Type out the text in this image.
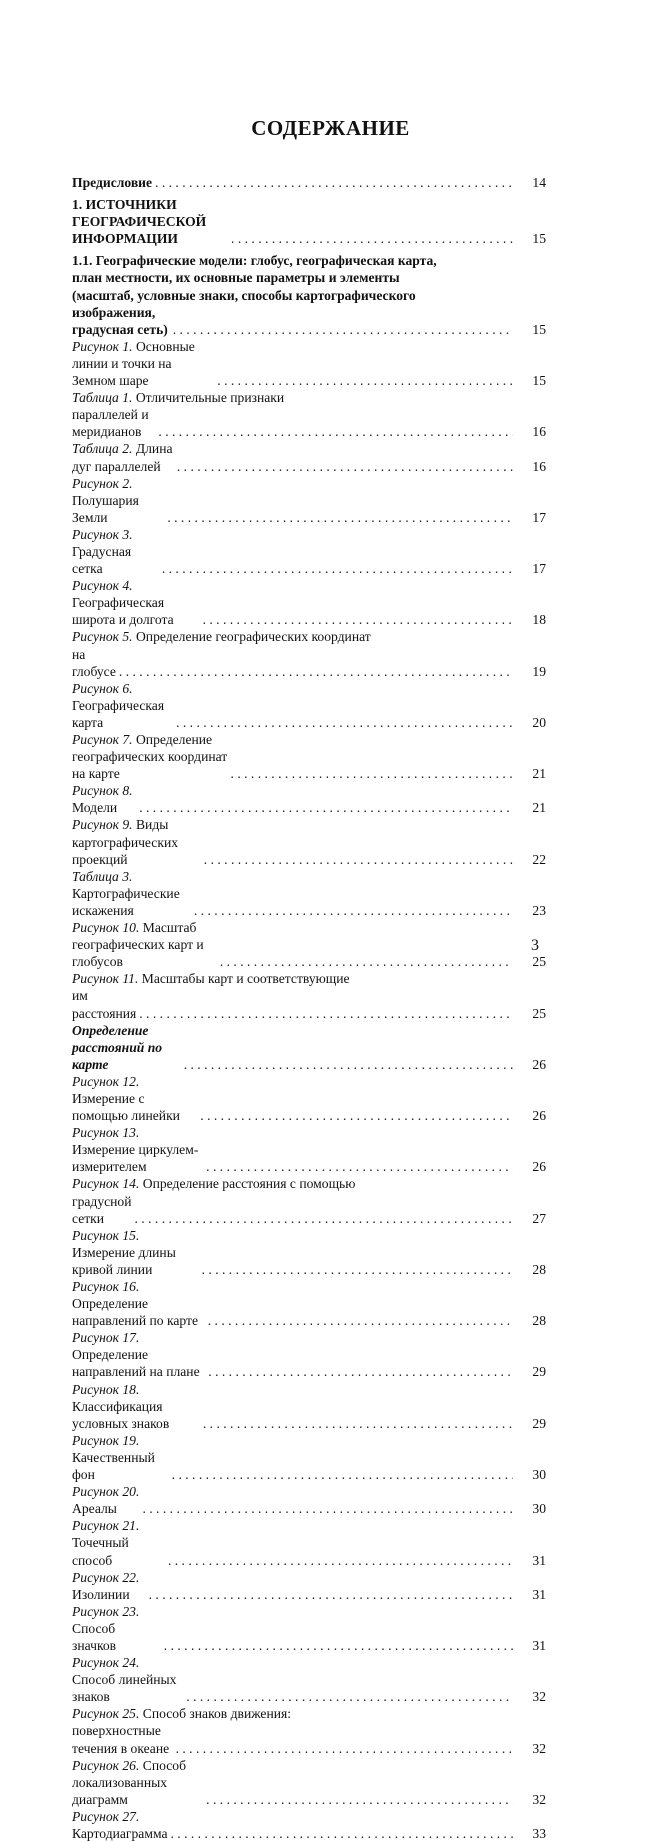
СОДЕРЖАНИЕ
Предисловие . . .	14
1. ИСТОЧНИКИ ГЕОГРАФИЧЕСКОЙ ИНФОРМАЦИИ . . .	15
1.1. Географические модели: глобус, географическая карта,
план местности, их основные параметры и элементы
(масштаб, условные знаки, способы картографического
изображения, градусная сеть) . . .	15
Рисунок 1. Основные линии и точки на Земном шаре . . .	15
Таблица 1. Отличительные признаки
параллелей и меридианов . . .	16
Таблица 2. Длина дуг параллелей . . .	16
Рисунок 2. Полушария Земли . . .	17
Рисунок 3. Градусная сетка . . .	17
Рисунок 4. Географическая широта и долгота . . .	18
Рисунок 5. Определение географических координат
на глобусе . . .	19
Рисунок 6. Географическая карта . . .	20
Рисунок 7. Определение географических координат на карте . . .	21
Рисунок 8. Модели . . .	21
Рисунок 9. Виды картографических проекций . . .	22
Таблица 3. Картографические искажения . . .	23
Рисунок 10. Масштаб географических карт и глобусов . . .	25
Рисунок 11. Масштабы карт и соответствующие
им расстояния . . .	25
Определение расстояний по карте . . .	26
Рисунок 12. Измерение с помощью линейки . . .	26
Рисунок 13. Измерение циркулем-измерителем . . .	26
Рисунок 14. Определение расстояния с помощью
градусной сетки . . .	27
Рисунок 15. Измерение длины кривой линии . . .	28
Рисунок 16. Определение направлений по карте . . .	28
Рисунок 17. Определение направлений на плане . . .	29
Рисунок 18. Классификация условных знаков . . .	29
Рисунок 19. Качественный фон . . .	30
Рисунок 20. Ареалы . . .	30
Рисунок 21. Точечный способ . . .	31
Рисунок 22. Изолинии . . .	31
Рисунок 23. Способ значков . . .	31
Рисунок 24. Способ линейных знаков . . .	32
Рисунок 25. Способ знаков движения:
поверхностные течения в океане . . .	32
Рисунок 26. Способ локализованных диаграмм . . .	32
Рисунок 27. Картодиаграмма . . .	33
3
